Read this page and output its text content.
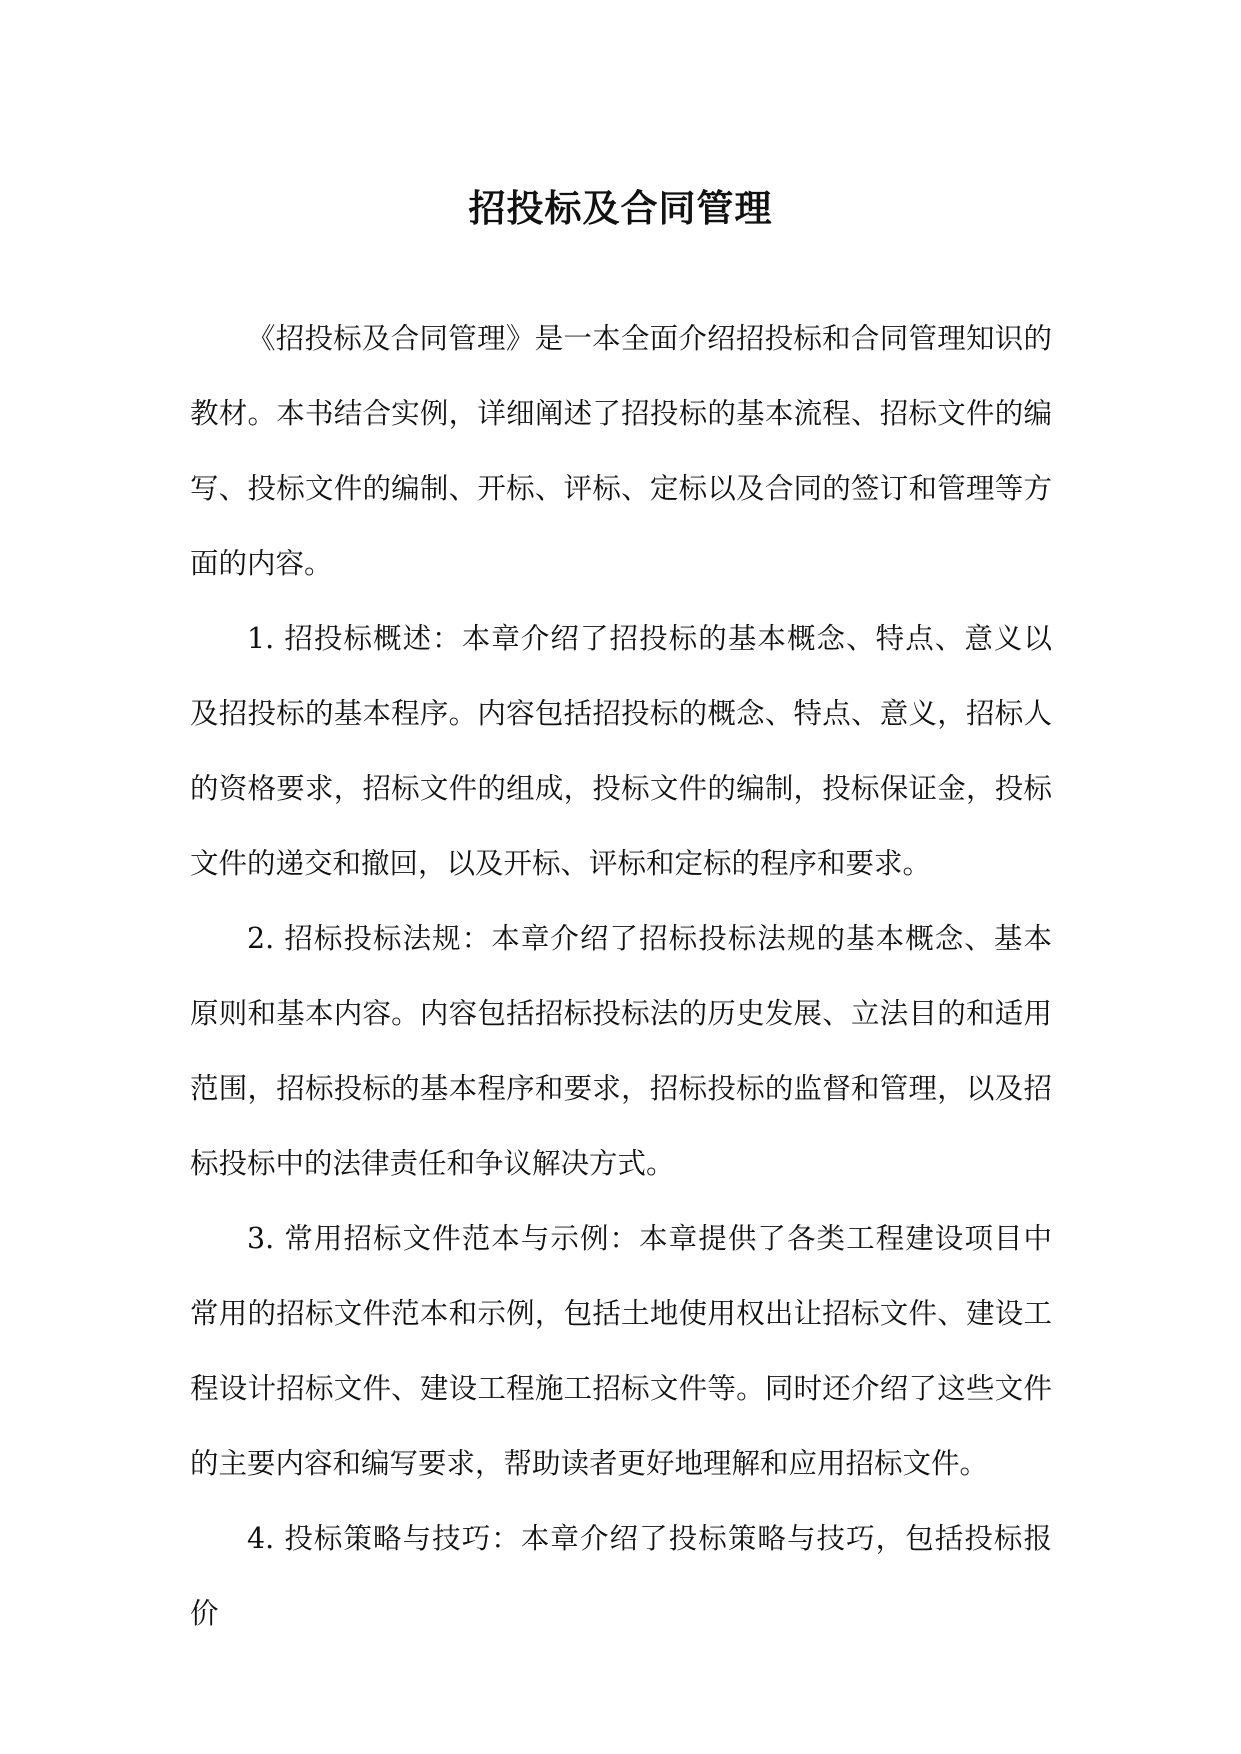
招投标及合同管理

《招投标及合同管理》是一本全面介绍招投标和合同管理知识的教材。本书结合实例，详细阐述了招投标的基本流程、招标文件的编写、投标文件的编制、开标、评标、定标以及合同的签订和管理等方面的内容。

1. 招投标概述：本章介绍了招投标的基本概念、特点、意义以及招投标的基本程序。内容包括招投标的概念、特点、意义，招标人的资格要求，招标文件的组成，投标文件的编制，投标保证金，投标文件的递交和撤回，以及开标、评标和定标的程序和要求。

2. 招标投标法规：本章介绍了招标投标法规的基本概念、基本原则和基本内容。内容包括招标投标法的历史发展、立法目的和适用范围，招标投标的基本程序和要求，招标投标的监督和管理，以及招标投标中的法律责任和争议解决方式。

3. 常用招标文件范本与示例：本章提供了各类工程建设项目中常用的招标文件范本和示例，包括土地使用权出让招标文件、建设工程设计招标文件、建设工程施工招标文件等。同时还介绍了这些文件的主要内容和编写要求，帮助读者更好地理解和应用招标文件。

4. 投标策略与技巧：本章介绍了投标策略与技巧，包括投标报价
